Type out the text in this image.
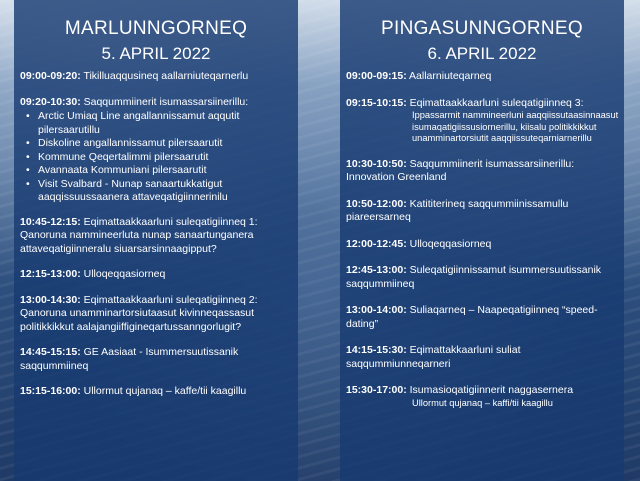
MARLUNNGORNEQ
5. APRIL 2022
09:00-09:20: Tikilluaqqusineq aallarniuteqarnerlu
09:20-10:30: Saqqummiinerit isumassarsiinerillu:
• Arctic Umiaq Line angallannissamut aqqutit pilersaarutillu
• Diskoline angallannissamut pilersaarutit
• Kommune Qeqertalimmi pilersaarutit
• Avannaata Kommuniani pilersaarutit
• Visit Svalbard - Nunap sanaartukkatigut aaqqissuussaanera attaveqatigiinnerinilu
10:45-12:15: Eqimattaakkaarluni suleqatigiinneq 1: Qanoruna nammineerluta nunap sanaartunganera attaveqatigiinneralu siuarsarsinnaagipput?
12:15-13:00: Ulloqeqqasiorneq
13:00-14:30: Eqimattaakkaarluni suleqatigiinneq 2: Qanoruna unamminartorsiutaasut kivinneqassasut politikkikkut aalajangiiffigineqartussanngorlugit?
14:45-15:15: GE Aasiaat - Isummersuutissanik saqqummiineq
15:15-16:00: Ullormut qujanaq – kaffe/tii kaagillu
PINGASUNNGORNEQ
6. APRIL 2022
09:00-09:15: Aallarniuteqarneq
09:15-10:15: Eqimattaakkaarluni suleqatigiinneq 3:
Ippassarmit nammineerluni aaqqiissutaasinnaasut isumaqatigiissusiornerillu, kiisalu politikkikkut unamminartorsiutit aaqqiissuteqarniarnerillu
10:30-10:50: Saqqummiinerit isumassarsiinerillu: Innovation Greenland
10:50-12:00: Katititerineq saqqummiinissamullu piareersarneq
12:00-12:45: Ulloqeqqasiorneq
12:45-13:00: Suleqatigiinnissamut isummersuutissanik saqqummiineq
13:00-14:00: Suliaqarneq – Naapeqatigiinneq “speed-dating”
14:15-15:30: Eqimattakkaarluni suliat saqqummiunneqarneri
15:30-17:00: Isumasioqatigiinnerit naggasernera
Ullormut qujanaq – kaffi/tii kaagillu
